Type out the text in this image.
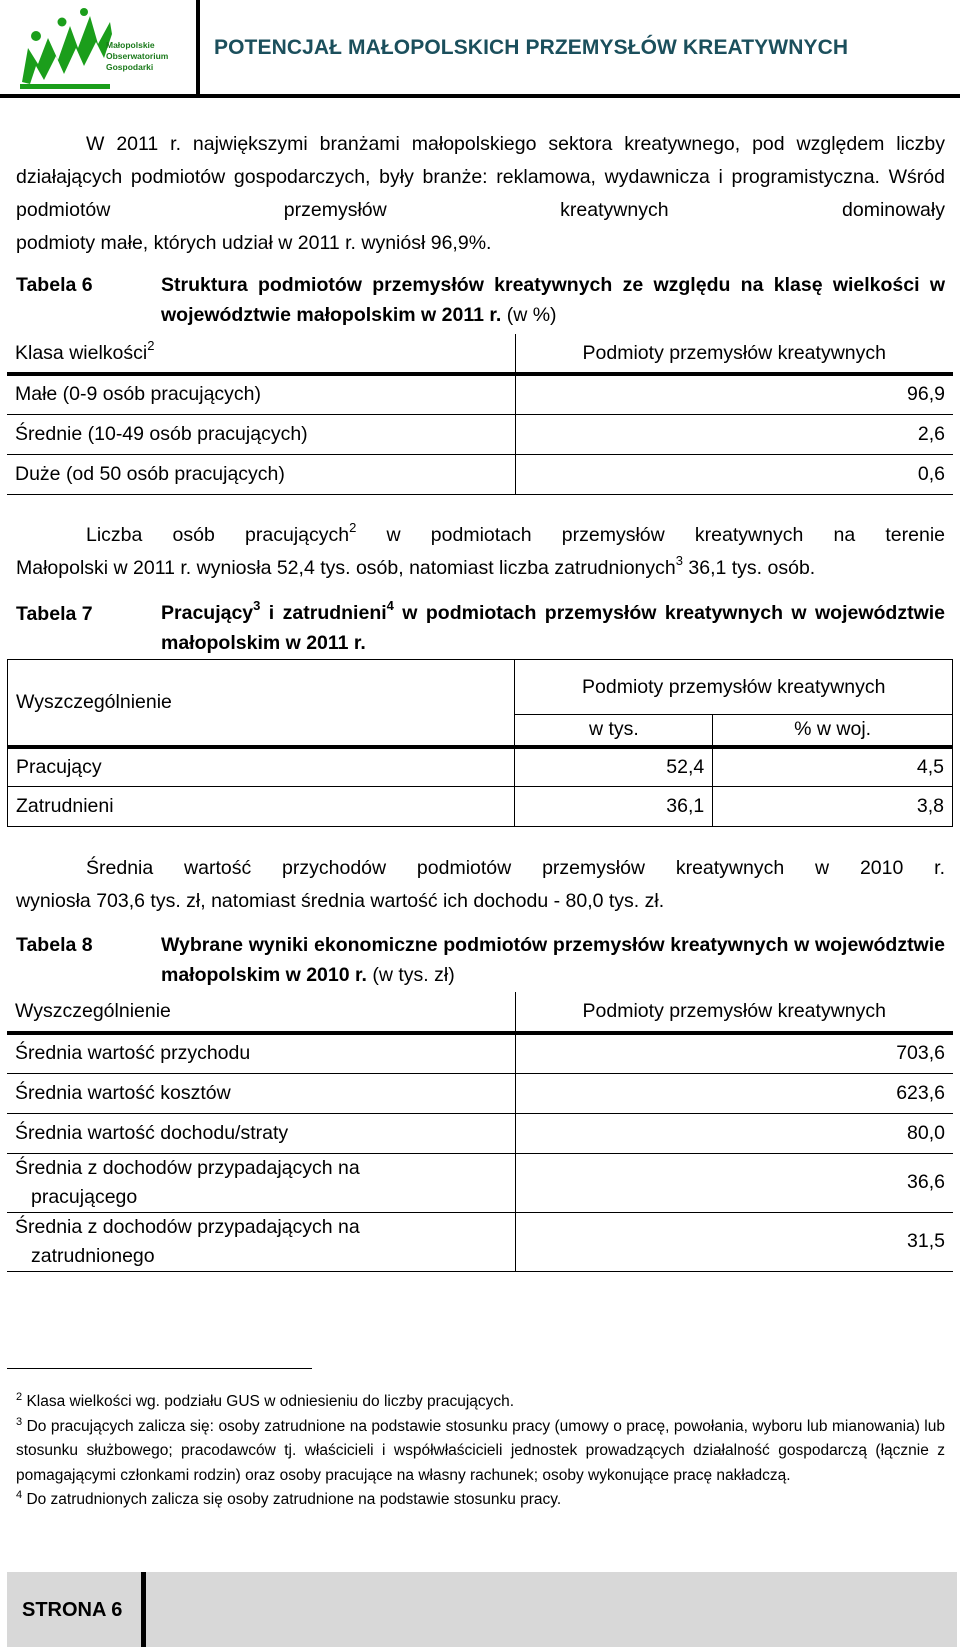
Małopolskie
Obserwatorium
Gospodarki
POTENCJAŁ MAŁOPOLSKICH PRZEMYSŁÓW KREATYWNYCH
W 2011 r. największymi branżami małopolskiego sektora kreatywnego, pod względem liczby działających podmiotów gospodarczych, były branże: reklamowa, wydawnicza i programistyczna. Wśród podmiotów przemysłów kreatywnych dominowały
podmioty małe, których udział w 2011 r. wyniósł 96,9%.
Tabela 6	Struktura podmiotów przemysłów kreatywnych ze względu na klasę wielkości w województwie małopolskim w 2011 r. (w %)
Klasa wielkości$^2$	Podmioty przemysłów kreatywnych
Małe (0-9 osób pracujących)	96,9
Średnie (10-49 osób pracujących)	2,6
Duże (od 50 osób pracujących)	0,6
Liczba osób pracujących$^2$ w podmiotach przemysłów kreatywnych na terenie
Małopolski w 2011 r. wyniosła 52,4 tys. osób, natomiast liczba zatrudnionych$^3$ 36,1 tys. osób.
Tabela 7	Pracujący$^3$ i zatrudnieni$^4$ w podmiotach przemysłów kreatywnych w województwie małopolskim w 2011 r.
Wyszczególnienie	Podmioty przemysłów kreatywnych	
	w tys.	% w woj.
Pracujący	52,4	4,5
Zatrudnieni	36,1	3,8
Średnia wartość przychodów podmiotów przemysłów kreatywnych w 2010 r.
wyniosła 703,6 tys. zł, natomiast średnia wartość ich dochodu - 80,0 tys. zł.
Tabela 8	Wybrane wyniki ekonomiczne podmiotów przemysłów kreatywnych w województwie małopolskim w 2010 r. (w tys. zł)
Wyszczególnienie	Podmioty przemysłów kreatywnych
Średnia wartość przychodu	703,6
Średnia wartość kosztów	623,6
Średnia wartość dochodu/straty	80,0

Średnia z dochodów przypadających na
pracującego	36,6

Średnia z dochodów przypadających na
zatrudnionego	31,5

$^2$ Klasa wielkości wg. podziału GUS w odniesieniu do liczby pracujących.

$^3$ Do pracujących zalicza się: osoby zatrudnione na podstawie stosunku pracy (umowy o pracę, powołania, wyboru lub mianowania) lub stosunku służbowego; pracodawców tj. właścicieli i współwłaścicieli jednostek prowadzących działalność gospodarczą (łącznie z pomagającymi członkami rodzin) oraz osoby pracujące na własny rachunek; osoby wykonujące pracę nakładczą.

$^4$ Do zatrudnionych zalicza się osoby zatrudnione na podstawie stosunku pracy.

STRONA 6
